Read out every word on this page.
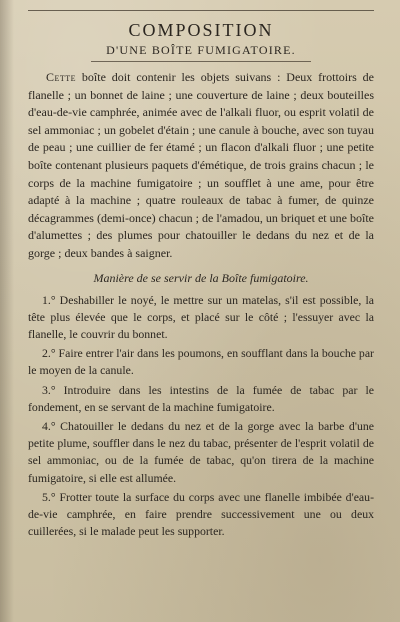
COMPOSITION
D'UNE BOÎTE FUMIGATOIRE.

Cette boîte doit contenir les objets suivans : Deux frottoirs de flanelle ; un bonnet de laine ; une couverture de laine ; deux bouteilles d'eau-de-vie camphrée, animée avec de l'alkali fluor, ou esprit volatil de sel ammoniac ; un gobelet d'étain ; une canule à bouche, avec son tuyau de peau ; une cuillier de fer étamé ; un flacon d'alkali fluor ; une petite boîte contenant plusieurs paquets d'émétique, de trois grains chacun ; le corps de la machine fumigatoire ; un soufflet à une ame, pour être adapté à la machine ; quatre rouleaux de tabac à fumer, de quinze décagrammes (demi-once) chacun ; de l'amadou, un briquet et une boîte d'alumettes ; des plumes pour chatouiller le dedans du nez et de la gorge ; deux bandes à saigner.

Manière de se servir de la Boîte fumigatoire.

1.° Deshabiller le noyé, le mettre sur un matelas, s'il est possible, la tête plus élevée que le corps, et placé sur le côté ; l'essuyer avec la flanelle, le couvrir du bonnet.

2.° Faire entrer l'air dans les poumons, en soufflant dans la bouche par le moyen de la canule.

3.° Introduire dans les intestins de la fumée de tabac par le fondement, en se servant de la machine fumigatoire.

4.° Chatouiller le dedans du nez et de la gorge avec la barbe d'une petite plume, souffler dans le nez du tabac, présenter de l'esprit volatil de sel ammoniac, ou de la fumée de tabac, qu'on tirera de la machine fumigatoire, si elle est allumée.

5.° Frotter toute la surface du corps avec une flanelle imbibée d'eau-de-vie camphrée, en faire prendre successivement une ou deux cuillerées, si le malade peut les supporter.
